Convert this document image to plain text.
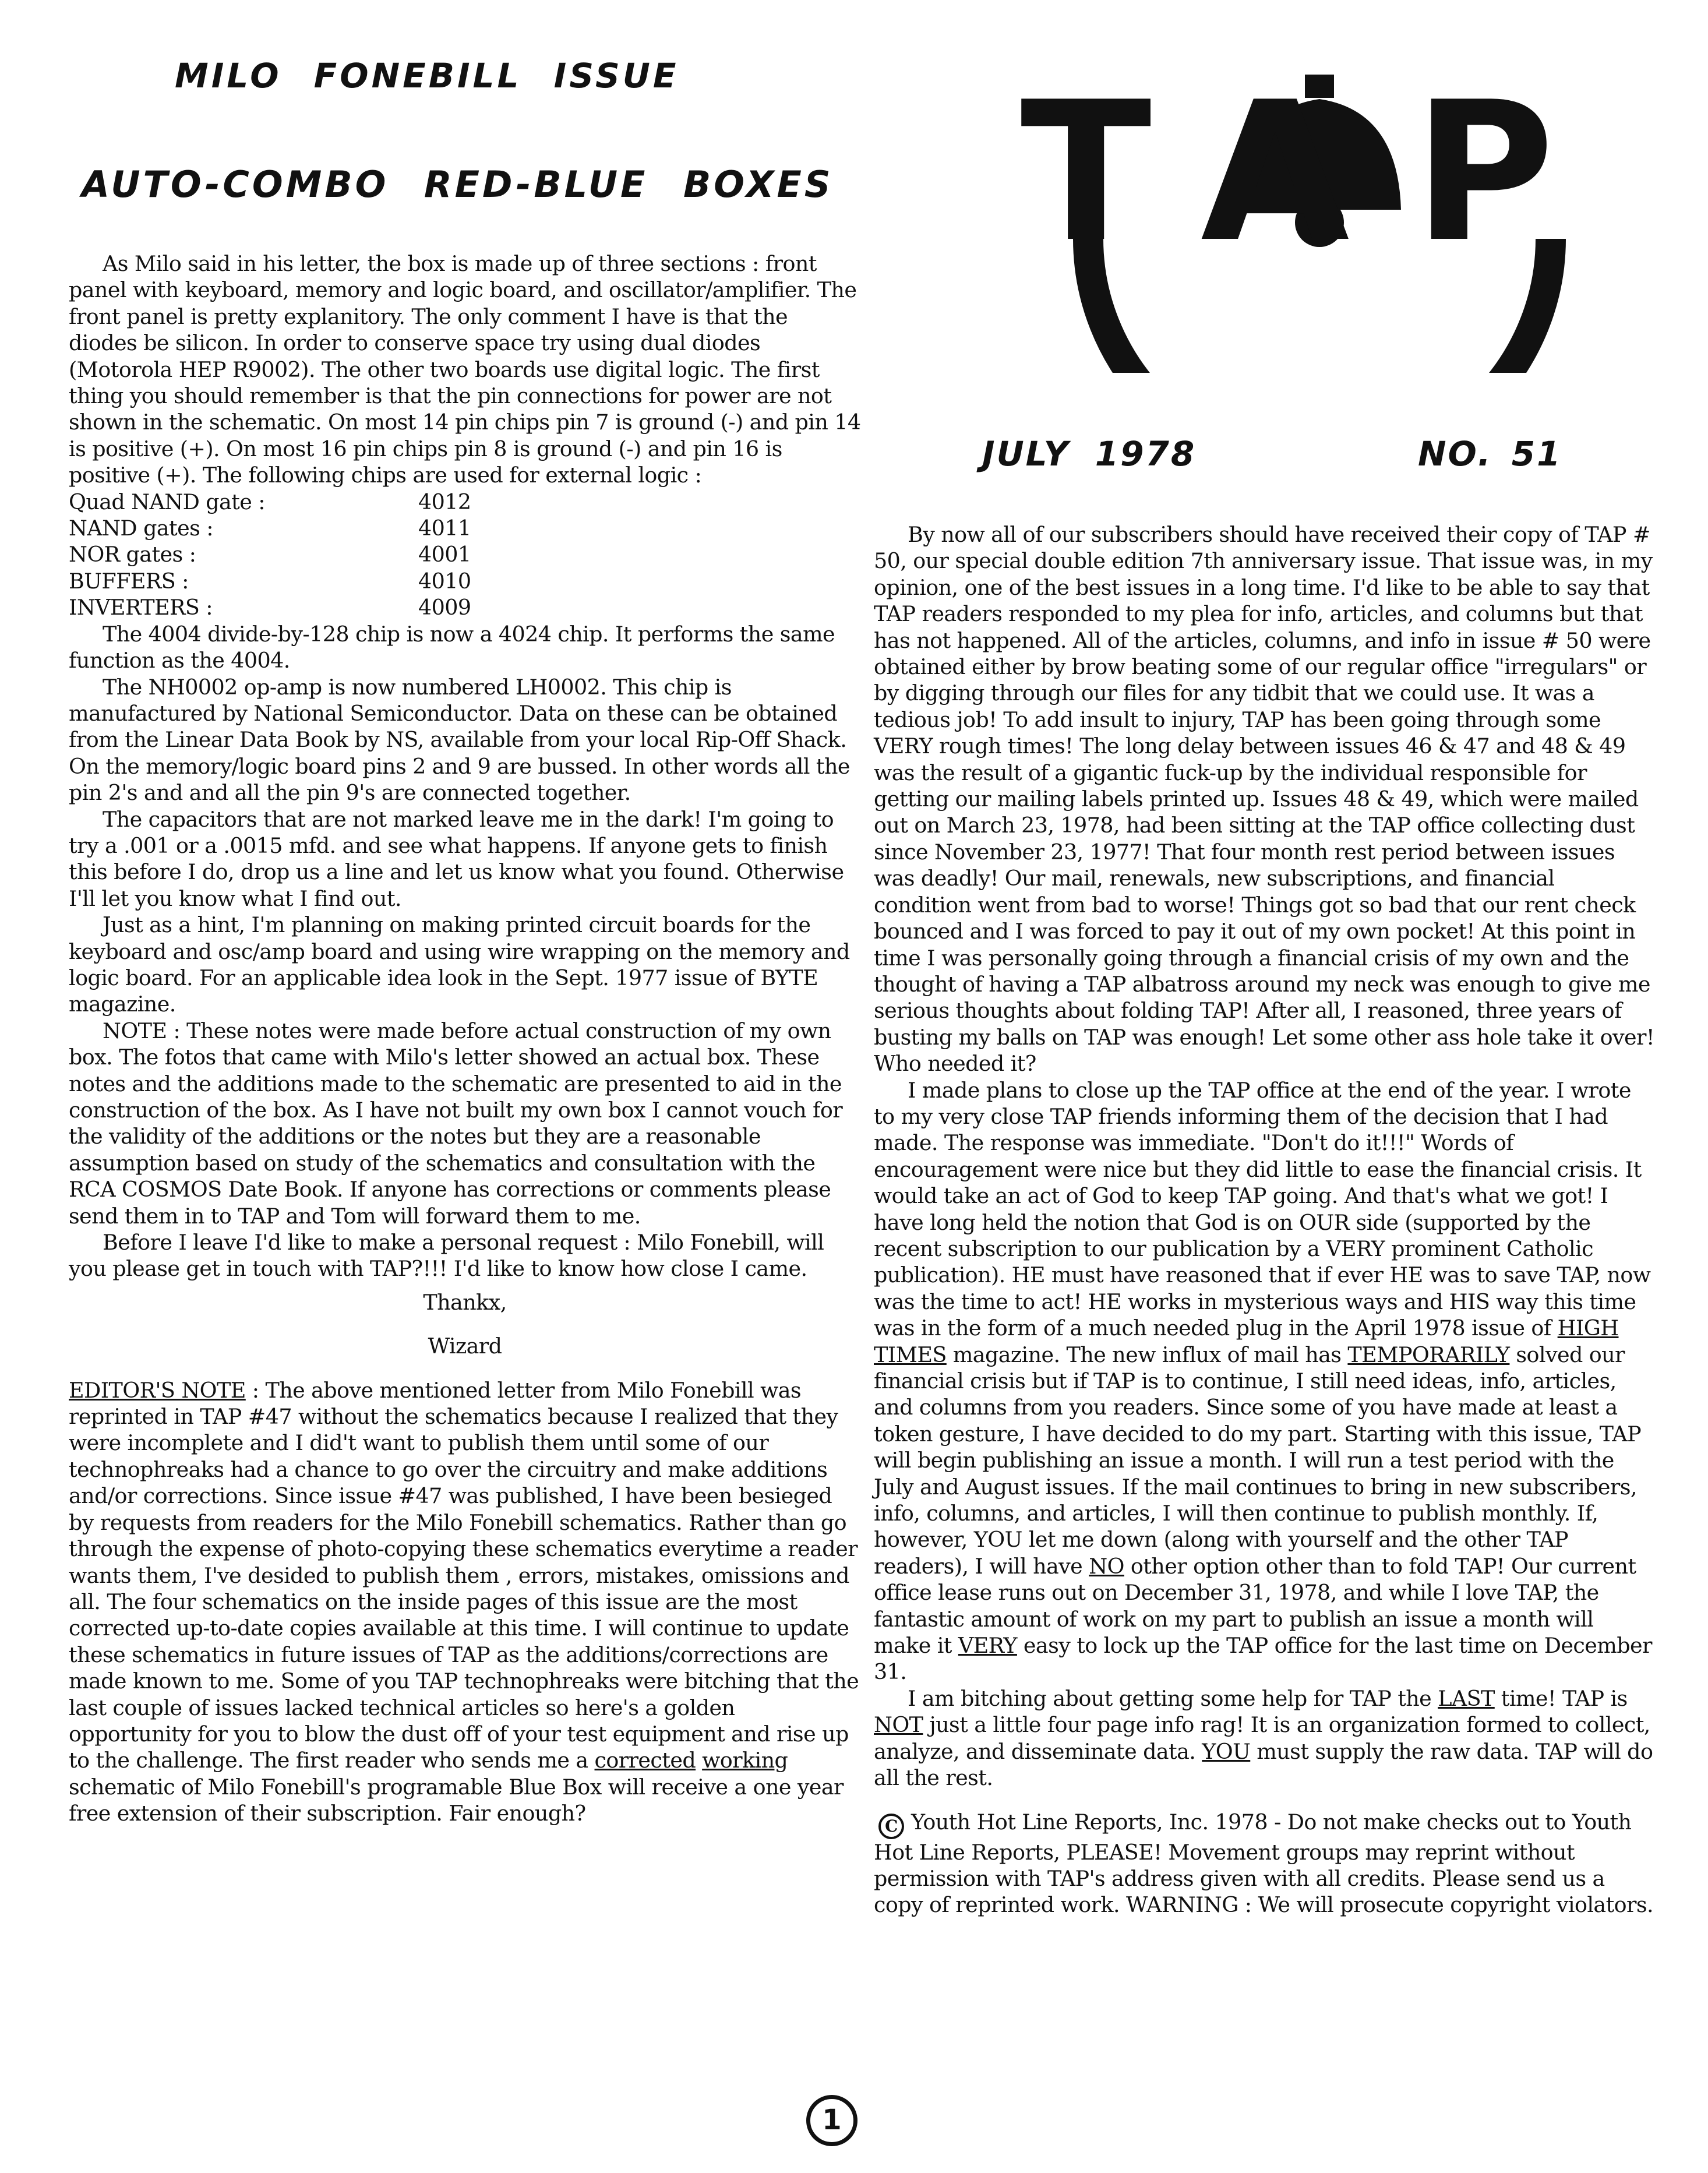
MILO FONEBILL ISSUE
AUTO-COMBO RED-BLUE BOXES TAP
JULY 1978	NO. 51

As Milo said in his letter, the box is made up of three sections : front panel with keyboard, memory and logic board, and oscillator/amplifier. The front panel is pretty explanitory. The only comment I have is that the diodes be silicon. In order to conserve space try using dual diodes (Motorola HEP R9002). The other two boards use digital logic. The first thing you should remember is that the pin connections for power are not shown in the schematic. On most 14 pin chips pin 7 is ground (-) and pin 14 is positive (+). On most 16 pin chips pin 8 is ground (-) and pin 16 is positive (+). The following chips are used for external logic :

Quad NAND gate :	4012
NAND gates :	4011
NOR gates :	4001
BUFFERS :	4010
INVERTERS :	4009

The 4004 divide-by-128 chip is now a 4024 chip. It performs the same function as the 4004.

The NH0002 op-amp is now numbered LH0002. This chip is manufactured by National Semiconductor. Data on these can be obtained from the Linear Data Book by NS, available from your local Rip-Off Shack. On the memory/logic board pins 2 and 9 are bussed. In other words all the pin 2's and and all the pin 9's are connected together.

The capacitors that are not marked leave me in the dark! I'm going to try a .001 or a .0015 mfd. and see what happens. If anyone gets to finish this before I do, drop us a line and let us know what you found. Otherwise I'll let you know what I find out.

Just as a hint, I'm planning on making printed circuit boards for the keyboard and osc/amp board and using wire wrapping on the memory and logic board. For an applicable idea look in the Sept. 1977 issue of BYTE magazine.

NOTE : These notes were made before actual construction of my own box. The fotos that came with Milo's letter showed an actual box. These notes and the additions made to the schematic are presented to aid in the construction of the box. As I have not built my own box I cannot vouch for the validity of the additions or the notes but they are a reasonable assumption based on study of the schematics and consultation with the RCA COSMOS Date Book. If anyone has corrections or comments please send them in to TAP and Tom will forward them to me.

Before I leave I'd like to make a personal request : Milo Fonebill, will you please get in touch with TAP?!!! I'd like to know how close I came.

Thankx,

Wizard

EDITOR'S NOTE : The above mentioned letter from Milo Fonebill was reprinted in TAP #47 without the schematics because I realized that they were incomplete and I did't want to publish them until some of our technophreaks had a chance to go over the circuitry and make additions and/or corrections. Since issue #47 was published, I have been besieged by requests from readers for the Milo Fonebill schematics. Rather than go through the expense of photo-copying these schematics everytime a reader wants them, I've desided to publish them , errors, mistakes, omissions and all. The four schematics on the inside pages of this issue are the most corrected up-to-date copies available at this time. I will continue to update these schematics in future issues of TAP as the additions/corrections are made known to me. Some of you TAP technophreaks were bitching that the last couple of issues lacked technical articles so here's a golden opportunity for you to blow the dust off of your test equipment and rise up to the challenge. The first reader who sends me a corrected working schematic of Milo Fonebill's programable Blue Box will receive a one year free extension of their subscription. Fair enough?

By now all of our subscribers should have received their copy of TAP # 50, our special double edition 7th anniversary issue. That issue was, in my opinion, one of the best issues in a long time. I'd like to be able to say that TAP readers responded to my plea for info, articles, and columns but that has not happened. All of the articles, columns, and info in issue # 50 were obtained either by brow beating some of our regular office "irregulars" or by digging through our files for any tidbit that we could use. It was a tedious job! To add insult to injury, TAP has been going through some VERY rough times! The long delay between issues 46 & 47 and 48 & 49 was the result of a gigantic fuck-up by the individual responsible for getting our mailing labels printed up. Issues 48 & 49, which were mailed out on March 23, 1978, had been sitting at the TAP office collecting dust since November 23, 1977! That four month rest period between issues was deadly! Our mail, renewals, new subscriptions, and financial condition went from bad to worse! Things got so bad that our rent check bounced and I was forced to pay it out of my own pocket! At this point in time I was personally going through a financial crisis of my own and the thought of having a TAP albatross around my neck was enough to give me serious thoughts about folding TAP! After all, I reasoned, three years of busting my balls on TAP was enough! Let some other ass hole take it over! Who needed it?

I made plans to close up the TAP office at the end of the year. I wrote to my very close TAP friends informing them of the decision that I had made. The response was immediate. "Don't do it!!!" Words of encouragement were nice but they did little to ease the financial crisis. It would take an act of God to keep TAP going. And that's what we got! I have long held the notion that God is on OUR side (supported by the recent subscription to our publication by a VERY prominent Catholic publication). HE must have reasoned that if ever HE was to save TAP, now was the time to act! HE works in mysterious ways and HIS way this time was in the form of a much needed plug in the April 1978 issue of HIGH TIMES magazine. The new influx of mail has TEMPORARILY solved our financial crisis but if TAP is to continue, I still need ideas, info, articles, and columns from you readers. Since some of you have made at least a token gesture, I have decided to do my part. Starting with this issue, TAP will begin publishing an issue a month. I will run a test period with the July and August issues. If the mail continues to bring in new subscribers, info, columns, and articles, I will then continue to publish monthly. If, however, YOU let me down (along with yourself and the other TAP readers), I will have NO other option other than to fold TAP! Our current office lease runs out on December 31, 1978, and while I love TAP, the fantastic amount of work on my part to publish an issue a month will make it VERY easy to lock up the TAP office for the last time on December 31.

I am bitching about getting some help for TAP the LAST time! TAP is NOT just a little four page info rag! It is an organization formed to collect, analyze, and disseminate data. YOU must supply the raw data. TAP will do all the rest.

C Youth Hot Line Reports, Inc. 1978 - Do not make checks out to Youth Hot Line Reports, PLEASE! Movement groups may reprint without permission with TAP's address given with all credits. Please send us a copy of reprinted work. WARNING : We will prosecute copyright violators.

1
